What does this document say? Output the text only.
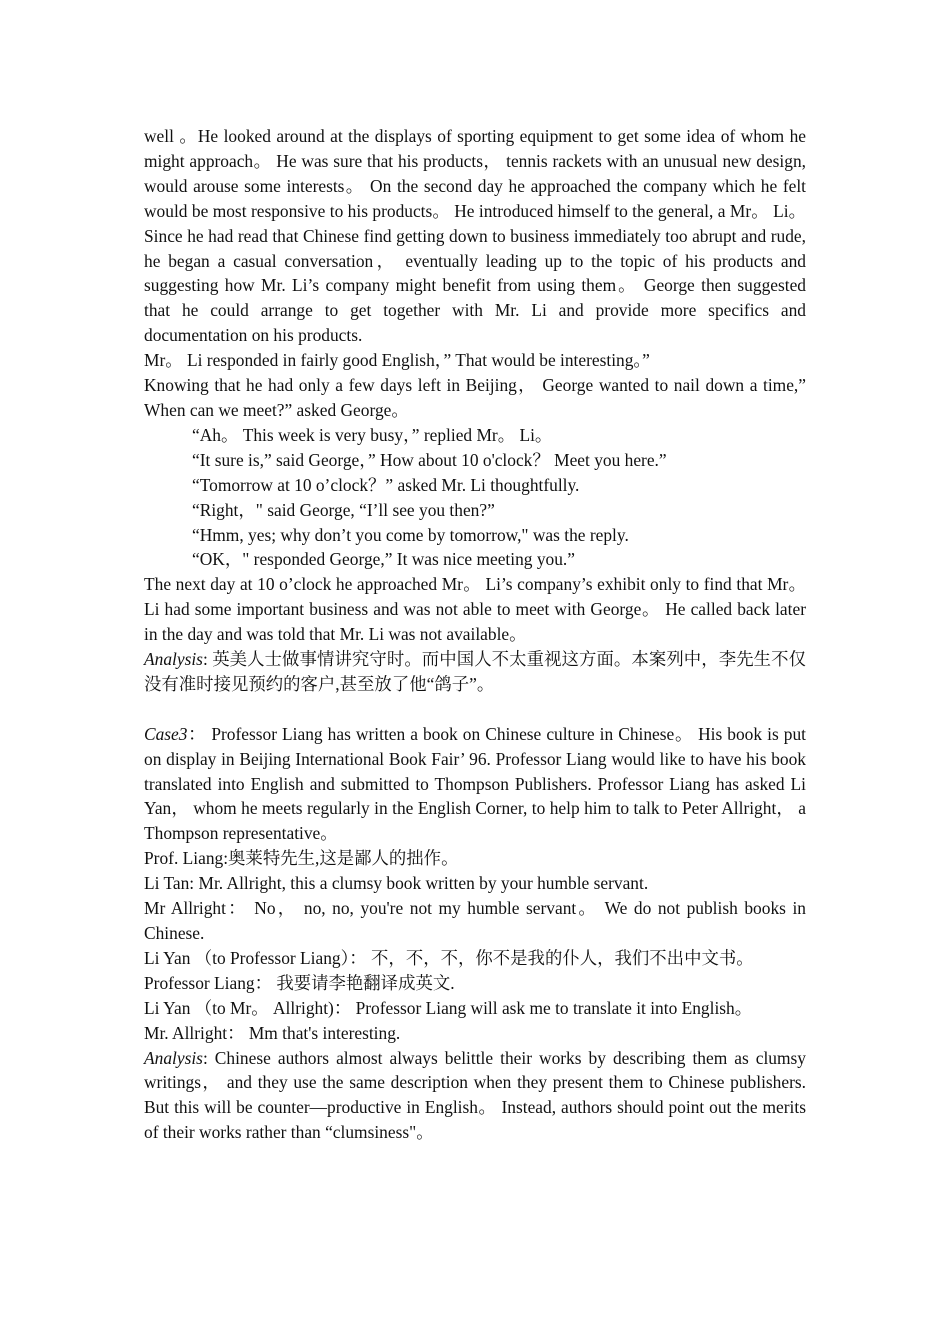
well 。He looked around at the displays of sporting equipment to get some idea of whom he might approach。 He was sure that his products， tennis rackets with an unusual new design, would arouse some interests。 On the second day he approached the company which he felt would be most responsive to his products。 He introduced himself to the general, a Mr。 Li。 Since he had read that Chinese find getting down to business immediately too abrupt and rude, he began a casual conversation， eventually leading up to the topic of his products and suggesting how Mr. Li’s company might benefit from using them。 George then suggested that he could arrange to get together with Mr. Li and provide more specifics and documentation on his products.

Mr。 Li responded in fairly good English，” That would be interesting。”

Knowing that he had only a few days left in Beijing， George wanted to nail down a time,” When can we meet?” asked George。

“Ah。 This week is very busy，” replied Mr。 Li。

“It sure is,” said George，” How about 10 o'clock？ Meet you here.”

“Tomorrow at 10 o’clock？” asked Mr. Li thoughtfully.

“Right，" said George, “I’ll see you then?”

“Hmm, yes; why don’t you come by tomorrow," was the reply.

“OK，" responded George,” It was nice meeting you.”

The next day at 10 o’clock he approached Mr。 Li’s company’s exhibit only to find that Mr。 Li had some important business and was not able to meet with George。 He called back later in the day and was told that Mr. Li was not available。

Analysis: 英美人士做事情讲究守时。而中国人不太重视这方面。本案列中，李先生不仅没有准时接见预约的客户,甚至放了他“鸽子”。

Case3： Professor Liang has written a book on Chinese culture in Chinese。 His book is put on display in Beijing International Book Fair’ 96. Professor Liang would like to have his book translated into English and submitted to Thompson Publishers. Professor Liang has asked Li Yan， whom he meets regularly in the English Corner, to help him to talk to Peter Allright， a Thompson representative。

Prof. Liang:奥莱特先生,这是鄙人的拙作。

Li Tan: Mr. Allright, this a clumsy book written by your humble servant.

Mr Allright： No， no, no, you're not my humble servant。 We do not publish books in Chinese.

Li Yan （to Professor Liang）： 不，不，不，你不是我的仆人，我们不出中文书。

Professor Liang： 我要请李艳翻译成英文.

Li Yan （to Mr。 Allright)： Professor Liang will ask me to translate it into English。

Mr. Allright： Mm that's interesting.

Analysis: Chinese authors almost always belittle their works by describing them as clumsy writings， and they use the same description when they present them to Chinese publishers. But this will be counter—productive in English。 Instead, authors should point out the merits of their works rather than “clumsiness"。
